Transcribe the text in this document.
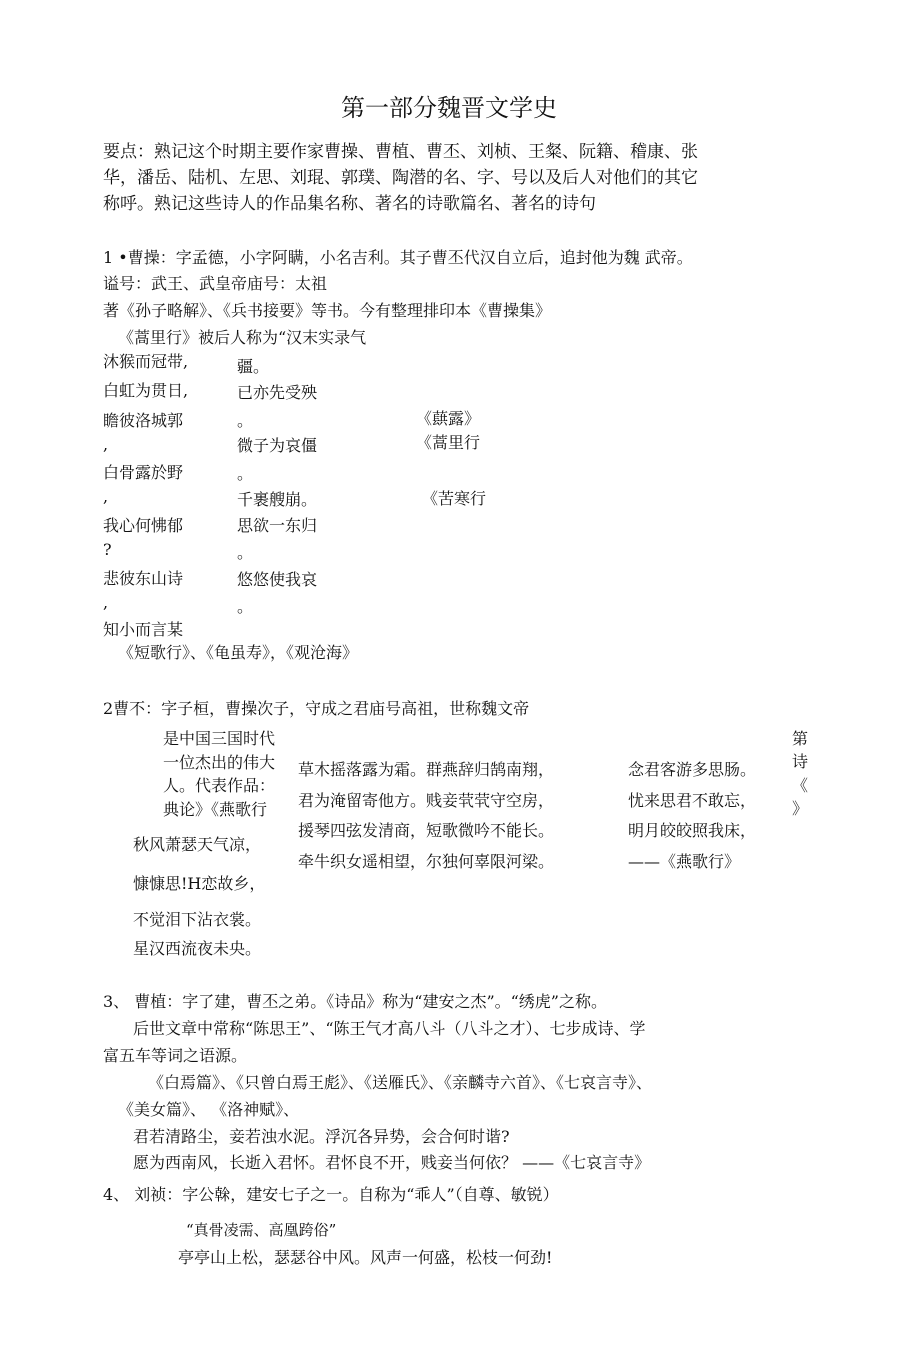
第一部分魏晋文学史
要点：熟记这个时期主要作家曹操、曹植、曹丕、刘桢、王粲、阮籍、稽康、张
华，潘岳、陆机、左思、刘琨、郭璞、陶潜的名、字、号以及后人对他们的其它
称呼。熟记这些诗人的作品集名称、著名的诗歌篇名、著名的诗句
1 •曹操：字孟德，小字阿瞒，小名吉利。其子曹丕代汉自立后，追封他为魏 武帝。
谥号：武王、武皇帝庙号：太祖
著《孙子略解》、《兵书接要》等书。今有整理排印本《曹操集》
《蒿里行》被后人称为“汉末实录气
沐猴而冠带,
白虹为贯日,
瞻彼洛城郭
,
白骨露於野
,
我心何怫郁
?
悲彼东山诗
,
知小而言某
疆。
已亦先受殃
。
微子为哀僵
。
千裹艘崩。
思欲一东归
。
悠悠使我哀
。
《蕻露》
《蒿里行
《苦寒行
《短歌行》、《龟虽寿》，《观沧海》
2曹不：字子桓，曹操次子，守成之君庙号高祖，世称魏文帝
是中国三国时代
一位杰出的伟大
人。代表作品：
典论》《燕歌行
秋风萧瑟天气凉，
慷慷思!H恋故乡，
不觉泪下沾衣裳。
星汉西流夜未央。
草木摇落露为霜。群燕辞归鹄南翔，
君为淹留寄他方。贱妾茕茕守空房，
援琴四弦发清商，短歌微吟不能长。
牵牛织女遥相望，尔独何辜限河梁。
念君客游多思肠。
忧来思君不敢忘，
明月皎皎照我床，
——《燕歌行》
第
诗
《
》
3、 曹植：字了建，曹丕之弟。《诗品》称为“建安之杰”。“绣虎”之称。
后世文章中常称“陈思王”、“陈王气才高八斗（八斗之才）、七步成诗、学
富五车等词之语源。
《白焉篇》、《只曾白焉王彪》、《送雁氏》、《亲麟寺六首》、《七哀言寺》、
《美女篇》、 《洛神赋》、
君若清路尘，妾若浊水泥。浮沉各异势，会合何时谐?
愿为西南风，长逝入君怀。君怀良不开，贱妾当何依？ ——《七哀言寺》
4、 刘祯：字公榦，建安七子之一。自称为“乖人”（自尊、敏锐）
“真骨凌需、高凰跨俗”
亭亭山上松，瑟瑟谷中风。风声一何盛，松枝一何劲!
